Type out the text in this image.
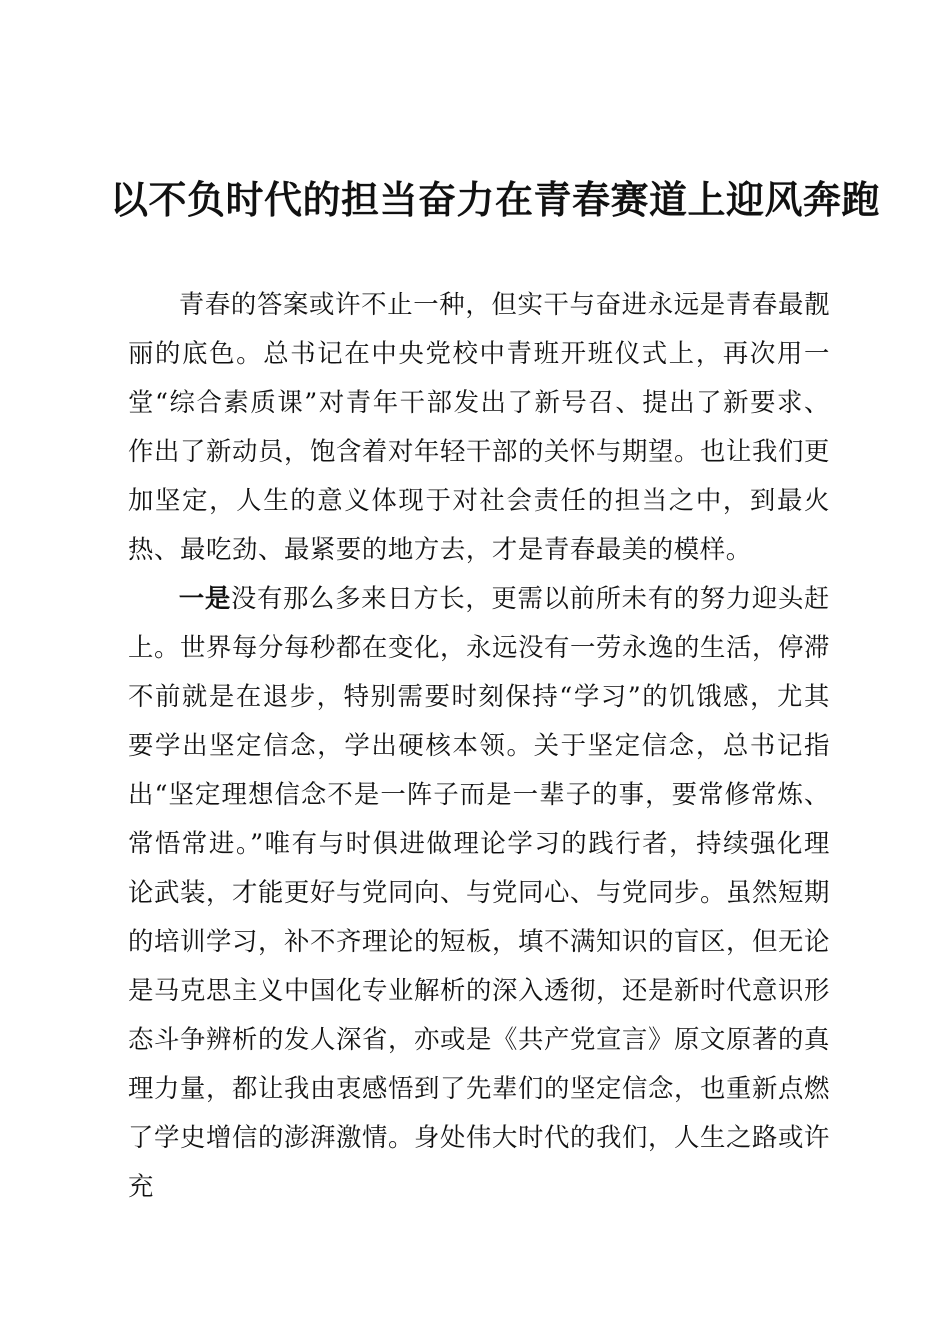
以不负时代的担当奋力在青春赛道上迎风奔跑

青春的答案或许不止一种，但实干与奋进永远是青春最靓丽的底色。总书记在中央党校中青班开班仪式上，再次用一堂“综合素质课”对青年干部发出了新号召、提出了新要求、作出了新动员，饱含着对年轻干部的关怀与期望。也让我们更加坚定，人生的意义体现于对社会责任的担当之中，到最火热、最吃劲、最紧要的地方去，才是青春最美的模样。

一是没有那么多来日方长，更需以前所未有的努力迎头赶上。世界每分每秒都在变化，永远没有一劳永逸的生活，停滞不前就是在退步，特别需要时刻保持“学习”的饥饿感，尤其要学出坚定信念，学出硬核本领。关于坚定信念，总书记指出“坚定理想信念不是一阵子而是一辈子的事，要常修常炼、常悟常进。”唯有与时俱进做理论学习的践行者，持续强化理论武装，才能更好与党同向、与党同心、与党同步。虽然短期的培训学习，补不齐理论的短板，填不满知识的盲区，但无论是马克思主义中国化专业解析的深入透彻，还是新时代意识形态斗争辨析的发人深省，亦或是《共产党宣言》原文原著的真理力量，都让我由衷感悟到了先辈们的坚定信念，也重新点燃了学史增信的澎湃激情。身处伟大时代的我们，人生之路或许充
